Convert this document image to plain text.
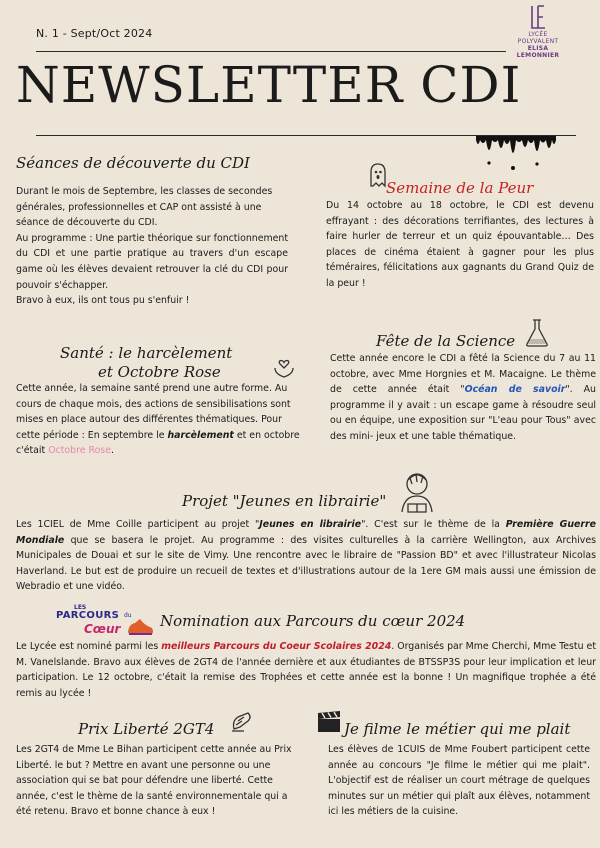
N. 1 - Sept/Oct 2024	LYCÉE POLYVALENT
ELISA LEMONNIER
NEWSLETTER CDI
Séances de découverte du CDI
Durant le mois de Septembre, les classes de secondes générales, professionnelles et CAP ont assisté à une séance de découverte du CDI.
Au programme : Une partie théorique sur fonctionnement du CDI et une partie pratique au travers d'un escape game où les élèves devaient retrouver la clé du CDI pour pouvoir s'échapper.
Bravo à eux, ils ont tous pu s'enfuir !
Semaine de la Peur
Du 14 octobre au 18 octobre, le CDI est devenu effrayant : des décorations terrifiantes, des lectures à faire hurler de terreur et un quiz épouvantable… Des places de cinéma étaient à gagner pour les plus téméraires, félicitations aux gagnants du Grand Quiz de la peur !
Santé : le harcèlement
et Octobre Rose
Cette année, la semaine santé prend une autre forme. Au cours de chaque mois, des actions de sensibilisations sont mises en place autour des différentes thématiques. Pour cette période : En septembre le harcèlement et en octobre c'était Octobre Rose.
Fête de la Science
Cette année encore le CDI a fêté la Science du 7 au 11 octobre, avec Mme Horgnies et M. Macaigne. Le thème de cette année était "Océan de savoir". Au programme il y avait : un escape game à résoudre seul ou en équipe, une exposition sur "L'eau pour Tous" avec des mini- jeux et une table thématique.
Projet "Jeunes en librairie"
Les 1CIEL de Mme Coille participent au projet "Jeunes en librairie". C'est sur le thème de la Première Guerre Mondiale que se basera le projet. Au programme : des visites culturelles à la carrière Wellington, aux Archives Municipales de Douai et sur le site de Vimy. Une rencontre avec le libraire de "Passion BD" et avec l'illustrateur Nicolas Haverland. Le but est de produire un recueil de textes et d'illustrations autour de la 1ere GM mais aussi une émission de Webradio et une vidéo.
LES
PARCOURS du
Cœur	Nomination aux Parcours du cœur 2024
Le Lycée est nominé parmi les meilleurs Parcours du Coeur Scolaires 2024. Organisés par Mme Cherchi, Mme Testu et M. Vanelslande. Bravo aux élèves de 2GT4 de l'année dernière et aux étudiantes de BTSSP3S pour leur implication et leur participation. Le 12 octobre, c'était la remise des Trophées et cette année est la bonne ! Un magnifique trophée a été remis au lycée !
Prix Liberté 2GT4
Les 2GT4 de Mme Le Bihan participent cette année au Prix Liberté. le but ? Mettre en avant une personne ou une association qui se bat pour défendre une liberté. Cette année, c'est le thème de la santé environnementale qui a été retenu. Bravo et bonne chance à eux !
Je filme le métier qui me plait
Les élèves de 1CUIS de Mme Foubert participent cette année au concours "Je filme le métier qui me plait". L'objectif est de réaliser un court métrage de quelques minutes sur un métier qui plaît aux élèves, notamment ici les métiers de la cuisine.
